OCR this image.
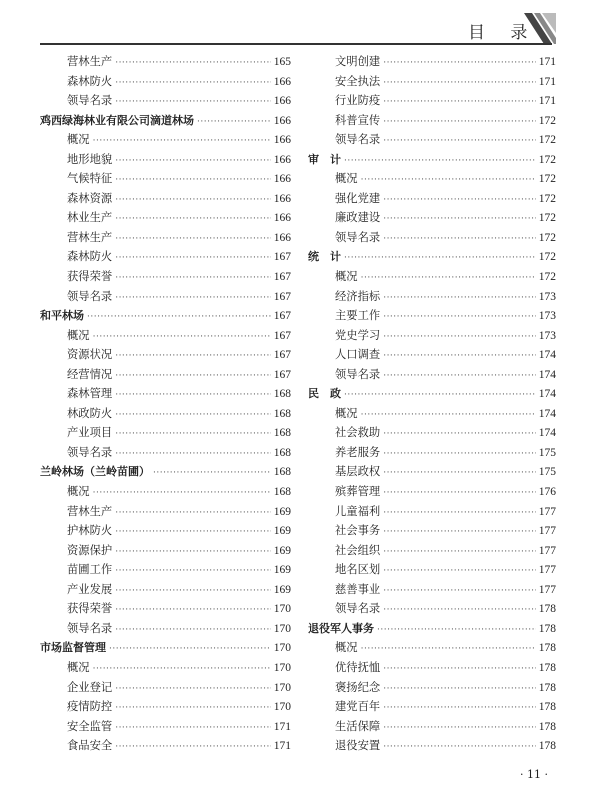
目 录
营林生产 ·····	165
森林防火 ·····	166
领导名录 ·····	166
鸡西绿海林业有限公司滴道林场 ·····	166
概况 ·····	166
地形地貌 ·····	166
气候特征 ·····	166
森林资源 ·····	166
林业生产 ·····	166
营林生产 ·····	166
森林防火 ·····	167
获得荣誉 ·····	167
领导名录 ·····	167
和平林场 ·····	167
概况 ·····	167
资源状况 ·····	167
经营情况 ·····	167
森林管理 ·····	168
林政防火 ·····	168
产业项目 ·····	168
领导名录 ·····	168
兰岭林场（兰岭苗圃） ·····	168
概况 ·····	168
营林生产 ·····	169
护林防火 ·····	169
资源保护 ·····	169
苗圃工作 ·····	169
产业发展 ·····	169
获得荣誉 ·····	170
领导名录 ·····	170
市场监督管理 ·····	170
概况 ·····	170
企业登记 ·····	170
疫情防控 ·····	170
安全监管 ·····	171
食品安全 ·····	171
文明创建 ·····	171
安全执法 ·····	171
行业防疫 ·····	171
科普宣传 ·····	172
领导名录 ·····	172
审　计 ·····	172
概况 ·····	172
强化党建 ·····	172
廉政建设 ·····	172
领导名录 ·····	172
统　计 ·····	172
概况 ·····	172
经济指标 ·····	173
主要工作 ·····	173
党史学习 ·····	173
人口调查 ·····	174
领导名录 ·····	174
民　政 ·····	174
概况 ·····	174
社会救助 ·····	174
养老服务 ·····	175
基层政权 ·····	175
殡葬管理 ·····	176
儿童福利 ·····	177
社会事务 ·····	177
社会组织 ·····	177
地名区划 ·····	177
慈善事业 ·····	177
领导名录 ·····	178
退役军人事务 ·····	178
概况 ·····	178
优待抚恤 ·····	178
褒扬纪念 ·····	178
建党百年 ·····	178
生活保障 ·····	178
退役安置 ·····	178
· 11 ·
